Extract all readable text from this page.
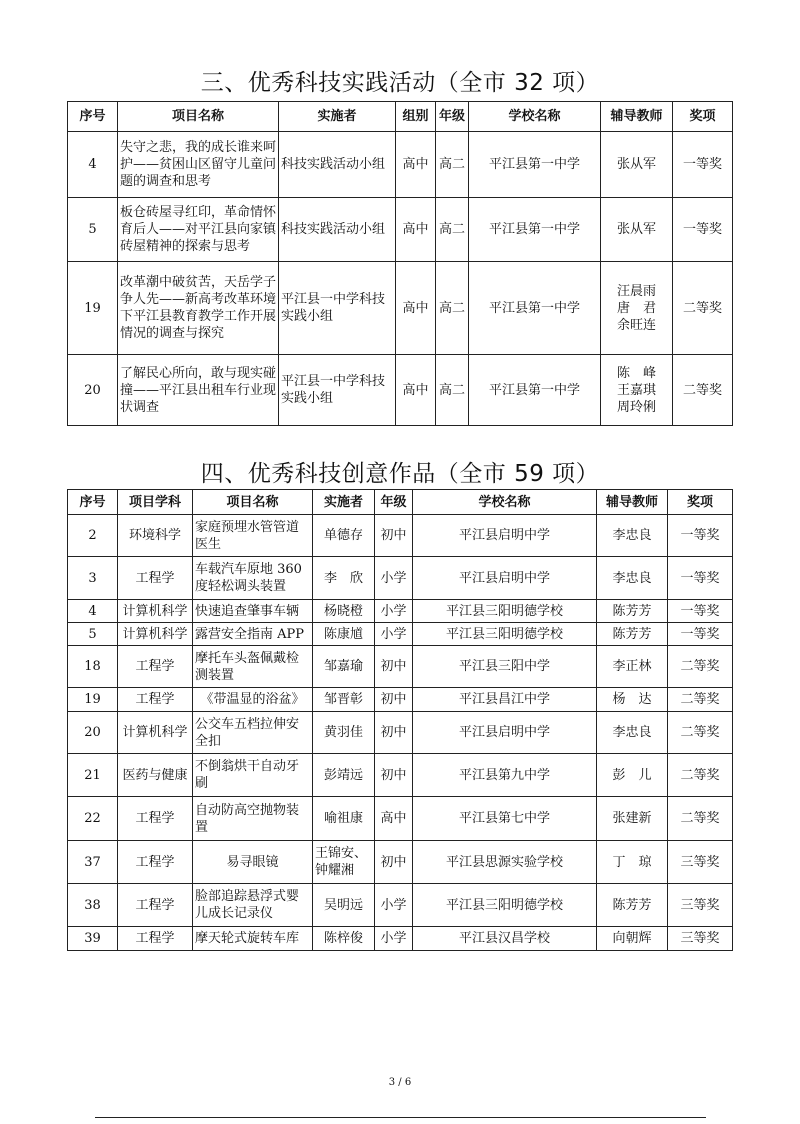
三、优秀科技实践活动（全市 32 项）
序号	项目名称	实施者	组别	年级	学校名称	辅导教师	奖项
4	失守之悲，我的成长谁来呵护——贫困山区留守儿童问题的调查和思考	科技实践活动小组	高中	高二	平江县第一中学	张从军	一等奖
5	板仓砖屋寻红印，革命情怀育后人——对平江县向家镇砖屋精神的探索与思考	科技实践活动小组	高中	高二	平江县第一中学	张从军	一等奖
19	改革潮中破贫苦，天岳学子争人先——新高考改革环境下平江县教育教学工作开展情况的调查与探究	平江县一中学科技实践小组	高中	高二	平江县第一中学	汪晨雨
唐　君
余旺连	二等奖
20	了解民心所向，敢与现实碰撞——平江县出租车行业现状调查	平江县一中学科技实践小组	高中	高二	平江县第一中学	陈　峰
王嘉琪
周玲俐	二等奖
四、优秀科技创意作品（全市 59 项）
序号	项目学科	项目名称	实施者	年级	学校名称	辅导教师	奖项
2	环境科学	家庭预埋水管管道医生	单德存	初中	平江县启明中学	李忠良	一等奖
3	工程学	车载汽车原地 360 度轻松调头装置	李　欣	小学	平江县启明中学	李忠良	一等奖
4	计算机科学	快速追查肇事车辆	杨晓橙	小学	平江县三阳明德学校	陈芳芳	一等奖
5	计算机科学	露营安全指南 APP	陈康馗	小学	平江县三阳明德学校	陈芳芳	一等奖
18	工程学	摩托车头盔佩戴检测装置	邹嘉瑜	初中	平江县三阳中学	李正林	二等奖
19	工程学	《带温显的浴盆》	邹晋彰	初中	平江县昌江中学	杨　达	二等奖
20	计算机科学	公交车五档拉伸安全扣	黄羽佳	初中	平江县启明中学	李忠良	二等奖
21	医药与健康	不倒翁烘干自动牙刷	彭靖远	初中	平江县第九中学	彭　儿	二等奖
22	工程学	自动防高空抛物装置	喻祖康	高中	平江县第七中学	张建新	二等奖
37	工程学	易寻眼镜	王锦安、钟耀湘	初中	平江县思源实验学校	丁　琼	三等奖
38	工程学	脸部追踪悬浮式婴儿成长记录仪	吴明远	小学	平江县三阳明德学校	陈芳芳	三等奖
39	工程学	摩天轮式旋转车库	陈梓俊	小学	平江县汉昌学校	向朝辉	三等奖
3 / 6
